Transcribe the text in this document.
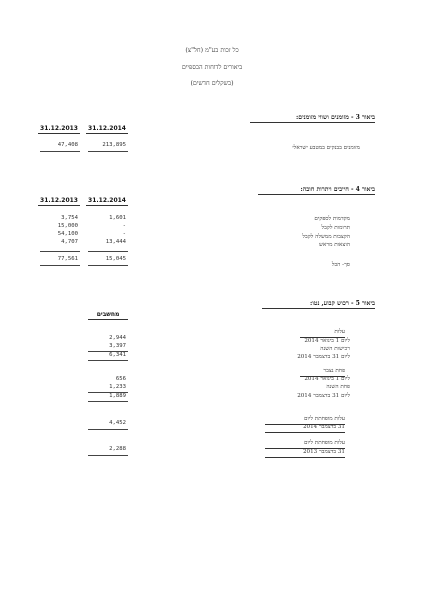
כל זכות בע"מ (חל"צ)
ביאורים לדוחות הכספיים
(בשקלים חדשים)
ביאור 3 - מזומנים ושווי מזומנים:
31.12.2014
31.12.2013
מזומנים בבנקים במטבע ישראלי
213,895
47,408
ביאור 4 - חייבים ויתרות חובה:
31.12.2014
31.12.2013
מקדמות לספקים
1,601
3,754
תרומות לקבל
-
15,000
הקצבות ממשלה לקבל
-
54,100
הוצאות מראש
13,444
4,707
סך- הכל
15,045
77,561
ביאור 5 - רכוש קבוע, נטו:
מחשבים
עלות
ליום 1 בינואר 2014
רכישות השנה
2,944
3,397
ליום 31 בדצמבר 2014
6,341
פחת נצבר
ליום 1 בינואר 2014
פחת השנה
656
1,233
ליום 31 בדצמבר 2014
1,889
עלות מופחתת ליום
31 בדצמבר 2014
4,452
עלות מופחתת ליום
31 בדצמבר 2013
2,288
